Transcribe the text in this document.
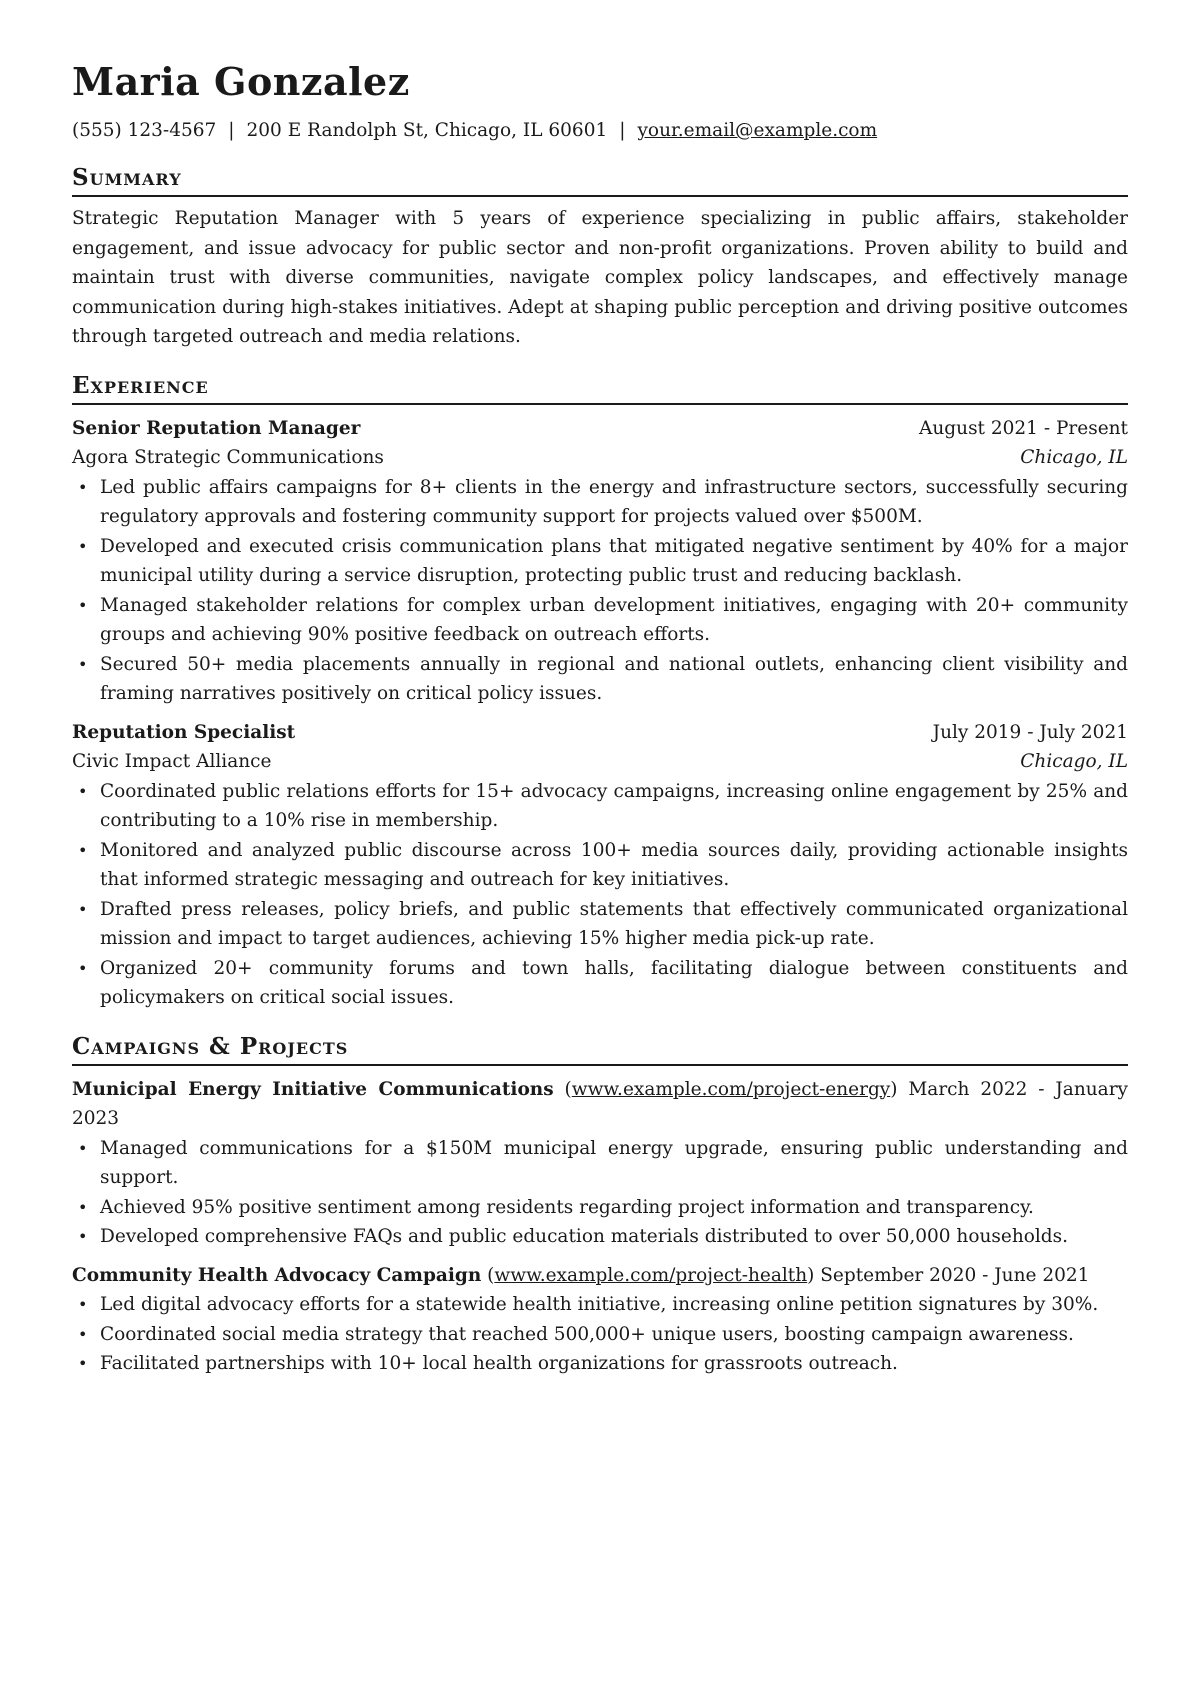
Maria Gonzalez
(555) 123-4567 | 200 E Randolph St, Chicago, IL 60601 | your.email@example.com
Summary
Strategic Reputation Manager with 5 years of experience specializing in public affairs, stakeholder engagement, and issue advocacy for public sector and non-profit organizations. Proven ability to build and maintain trust with diverse communities, navigate complex policy landscapes, and effectively manage communication during high-stakes initiatives. Adept at shaping public perception and driving positive outcomes through targeted outreach and media relations.
Experience
Senior Reputation Manager	August 2021 - Present
Agora Strategic Communications	Chicago, IL
• Led public affairs campaigns for 8+ clients in the energy and infrastructure sectors, successfully securing regulatory approvals and fostering community support for projects valued over $500M.
• Developed and executed crisis communication plans that mitigated negative sentiment by 40% for a major municipal utility during a service disruption, protecting public trust and reducing backlash.
• Managed stakeholder relations for complex urban development initiatives, engaging with 20+ community groups and achieving 90% positive feedback on outreach efforts.
• Secured 50+ media placements annually in regional and national outlets, enhancing client visibility and framing narratives positively on critical policy issues.
Reputation Specialist	July 2019 - July 2021
Civic Impact Alliance	Chicago, IL
• Coordinated public relations efforts for 15+ advocacy campaigns, increasing online engagement by 25% and contributing to a 10% rise in membership.
• Monitored and analyzed public discourse across 100+ media sources daily, providing actionable insights that informed strategic messaging and outreach for key initiatives.
• Drafted press releases, policy briefs, and public statements that effectively communicated organizational mission and impact to target audiences, achieving 15% higher media pick-up rate.
• Organized 20+ community forums and town halls, facilitating dialogue between constituents and policymakers on critical social issues.
Campaigns & Projects
Municipal Energy Initiative Communications (www.example.com/project-energy) March 2022 - January 2023
• Managed communications for a $150M municipal energy upgrade, ensuring public understanding and support.
• Achieved 95% positive sentiment among residents regarding project information and transparency.
• Developed comprehensive FAQs and public education materials distributed to over 50,000 households.
Community Health Advocacy Campaign (www.example.com/project-health) September 2020 - June 2021
• Led digital advocacy efforts for a statewide health initiative, increasing online petition signatures by 30%.
• Coordinated social media strategy that reached 500,000+ unique users, boosting campaign awareness.
• Facilitated partnerships with 10+ local health organizations for grassroots outreach.
